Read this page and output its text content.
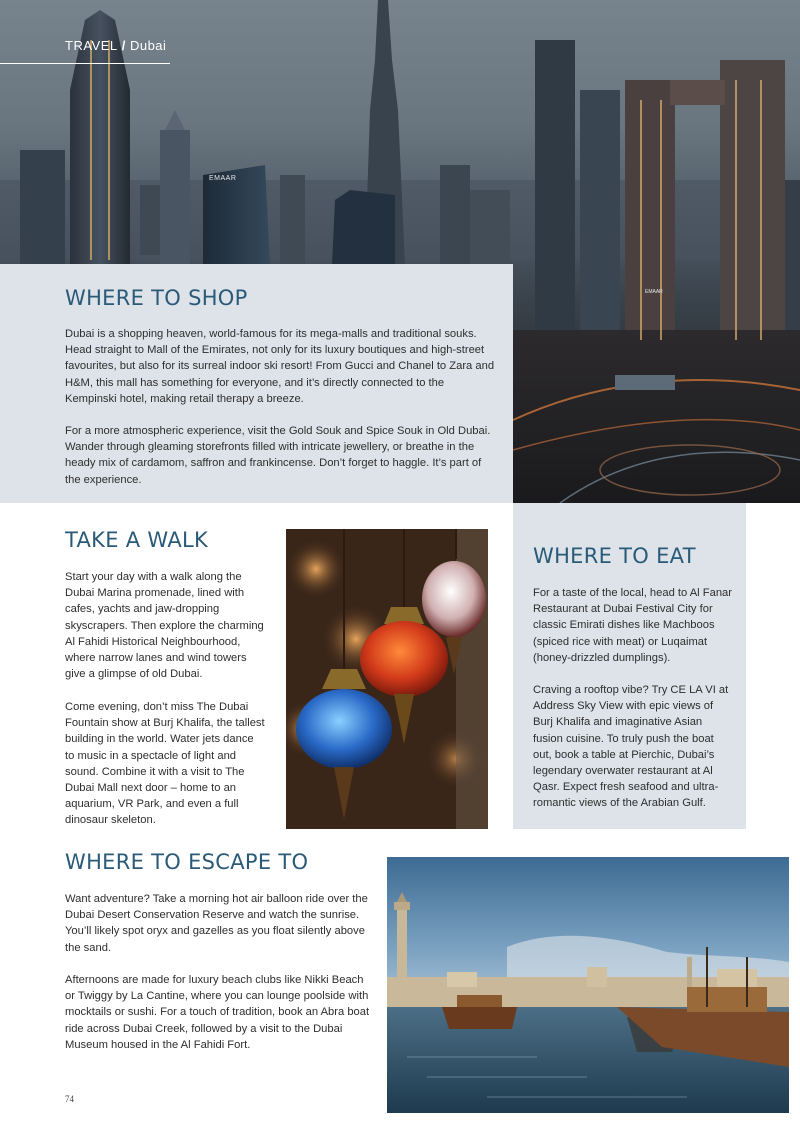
EMAAR
EMAAR
TRAVEL / Dubai
WHERE TO SHOP

Dubai is a shopping heaven, world-famous for its mega-malls and traditional souks. Head straight to Mall of the Emirates, not only for its luxury boutiques and high-street favourites, but also for its surreal indoor ski resort! From Gucci and Chanel to Zara and H&M, this mall has something for everyone, and it’s directly connected to the Kempinski hotel, making retail therapy a breeze.

For a more atmospheric experience, visit the Gold Souk and Spice Souk in Old Dubai. Wander through gleaming storefronts filled with intricate jewellery, or breathe in the heady mix of cardamom, saffron and frankincense. Don’t forget to haggle. It’s part of the experience.

TAKE A WALK

Start your day with a walk along the Dubai Marina promenade, lined with cafes, yachts and jaw-dropping skyscrapers. Then explore the charming Al Fahidi Historical Neighbourhood, where narrow lanes and wind towers give a glimpse of old Dubai.

Come evening, don’t miss The Dubai Fountain show at Burj Khalifa, the tallest building in the world. Water jets dance to music in a spectacle of light and sound. Combine it with a visit to The Dubai Mall next door – home to an aquarium, VR Park, and even a full dinosaur skeleton.

WHERE TO EAT

For a taste of the local, head to Al Fanar Restaurant at Dubai Festival City for classic Emirati dishes like Machboos (spiced rice with meat) or Luqaimat (honey-drizzled dumplings).

Craving a rooftop vibe? Try CE LA VI at Address Sky View with epic views of Burj Khalifa and imaginative Asian fusion cuisine. To truly push the boat out, book a table at Pierchic, Dubai’s legendary overwater restaurant at Al Qasr. Expect fresh seafood and ultra-romantic views of the Arabian Gulf.

WHERE TO ESCAPE TO

Want adventure? Take a morning hot air balloon ride over the Dubai Desert Conservation Reserve and watch the sunrise. You’ll likely spot oryx and gazelles as you float silently above the sand.

Afternoons are made for luxury beach clubs like Nikki Beach or Twiggy by La Cantine, where you can lounge poolside with mocktails or sushi. For a touch of tradition, book an Abra boat ride across Dubai Creek, followed by a visit to the Dubai Museum housed in the Al Fahidi Fort.

74
